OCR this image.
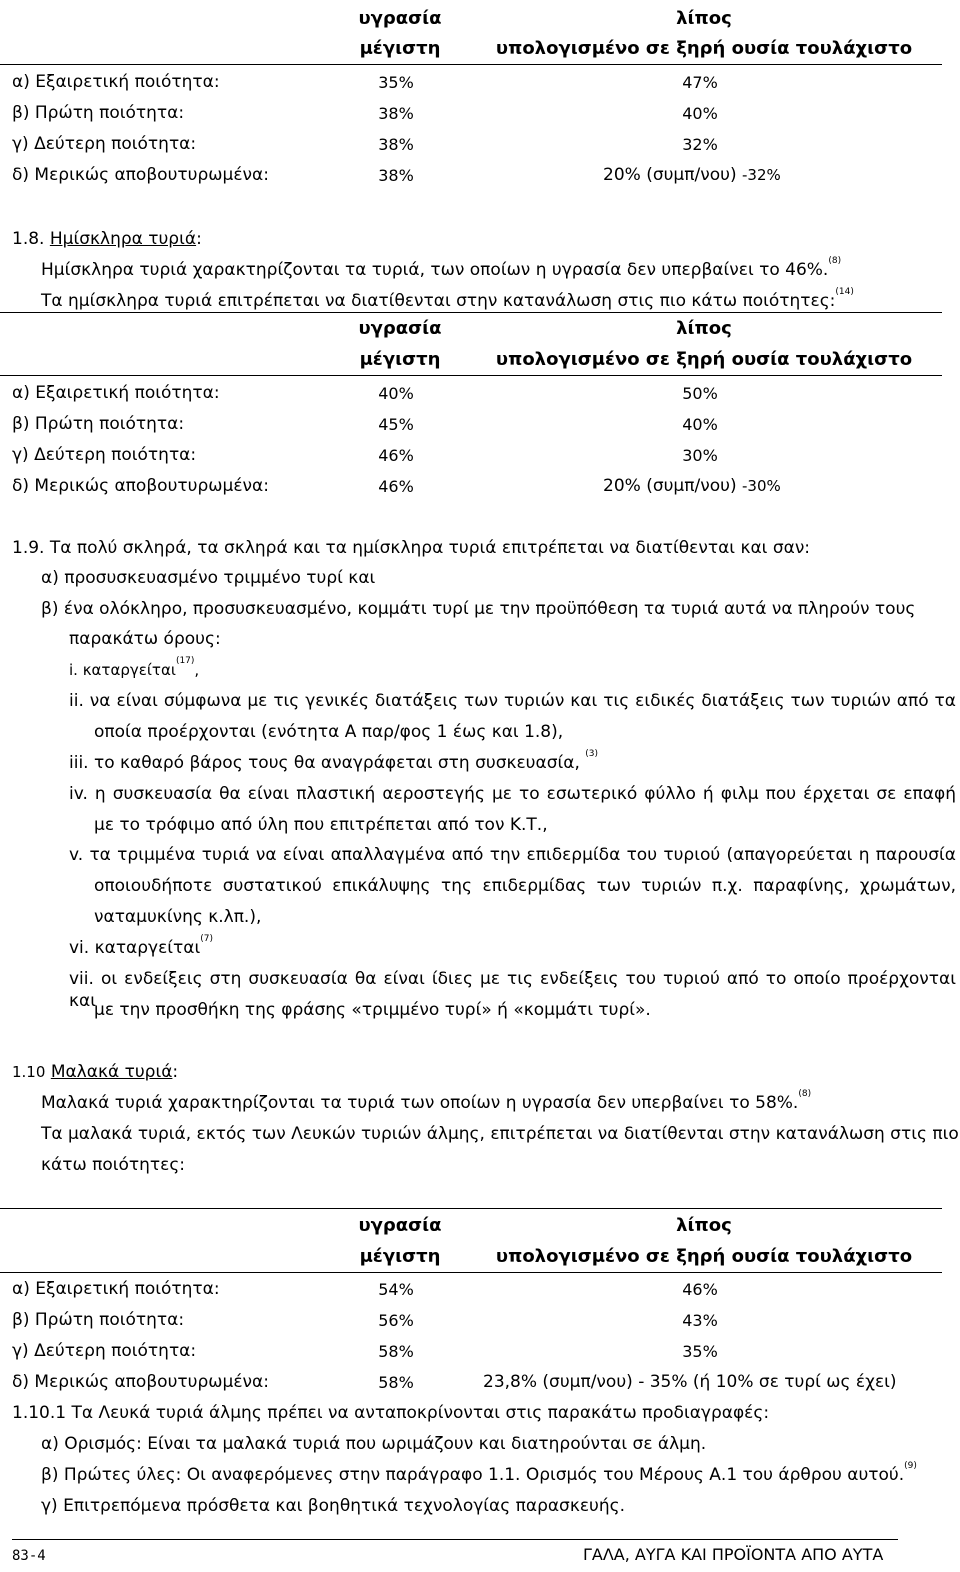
υγρασία
μέγιστη
λίπος
υπολογισμένο σε ξηρή ουσία τουλάχιστο
α) Εξαιρετική ποιότητα:	35%	47%
β) Πρώτη ποιότητα:	38%	40%
γ) Δεύτερη ποιότητα:	38%	32%
δ) Μερικώς αποβουτυρωμένα:	38%	20% (συμπ/νου) -32%
1.8. Ημίσκληρα τυριά:
Ημίσκληρα τυριά χαρακτηρίζονται τα τυριά, των οποίων η υγρασία δεν υπερβαίνει το 46%.$^{(8)}$
Τα ημίσκληρα τυριά επιτρέπεται να διατίθενται στην κατανάλωση στις πιο κάτω ποιότητες:$^{(14)}$
υγρασία
μέγιστη
λίπος
υπολογισμένο σε ξηρή ουσία τουλάχιστο
α) Εξαιρετική ποιότητα:	40%	50%
β) Πρώτη ποιότητα:	45%	40%
γ) Δεύτερη ποιότητα:	46%	30%
δ) Μερικώς αποβουτυρωμένα:	46%	20% (συμπ/νου) -30%
1.9. Τα πολύ σκληρά, τα σκληρά και τα ημίσκληρα τυριά επιτρέπεται να διατίθενται και σαν:
α) προσυσκευασμένο τριμμένο τυρί και
β) ένα ολόκληρο, προσυσκευασμένο, κομμάτι τυρί με την προϋπόθεση τα τυριά αυτά να πληρούν τους
παρακάτω όρους:
i. καταργείται$^{(17)}$,
ii. να είναι σύμφωνα με τις γενικές διατάξεις των τυριών και τις ειδικές διατάξεις των τυριών από τα
οποία προέρχονται (ενότητα Α παρ/φος 1 έως και 1.8),
iii. το καθαρό βάρος τους θα αναγράφεται στη συσκευασία, $^{(3)}$
iv. η συσκευασία θα είναι πλαστική αεροστεγής με το εσωτερικό φύλλο ή φιλμ που έρχεται σε επαφή
με το τρόφιμο από ύλη που επιτρέπεται από τον Κ.Τ.,
v. τα τριμμένα τυριά να είναι απαλλαγμένα από την επιδερμίδα του τυριού (απαγορεύεται η παρουσία
οποιουδήποτε συστατικού επικάλυψης της επιδερμίδας των τυριών π.χ. παραφίνης, χρωμάτων,
ναταμυκίνης κ.λπ.),
vi. καταργείται$^{(7)}$
vii. οι ενδείξεις στη συσκευασία θα είναι ίδιες με τις ενδείξεις του τυριού από το οποίο προέρχονται και
με την προσθήκη της φράσης «τριμμένο τυρί» ή «κομμάτι τυρί».
1.10 Μαλακά τυριά:
Μαλακά τυριά χαρακτηρίζονται τα τυριά των οποίων η υγρασία δεν υπερβαίνει το 58%.$^{(8)}$
Τα μαλακά τυριά, εκτός των Λευκών τυριών άλμης, επιτρέπεται να διατίθενται στην κατανάλωση στις πιο
κάτω ποιότητες:
υγρασία
μέγιστη
λίπος
υπολογισμένο σε ξηρή ουσία τουλάχιστο
α) Εξαιρετική ποιότητα:	54%	46%
β) Πρώτη ποιότητα:	56%	43%
γ) Δεύτερη ποιότητα:	58%	35%
δ) Μερικώς αποβουτυρωμένα:	58%	23,8% (συμπ/νου) - 35% (ή 10% σε τυρί ως έχει)
1.10.1 Τα Λευκά τυριά άλμης πρέπει να ανταποκρίνονται στις παρακάτω προδιαγραφές:
α) Ορισμός: Είναι τα μαλακά τυριά που ωριμάζουν και διατηρούνται σε άλμη.
β) Πρώτες ύλες: Οι αναφερόμενες στην παράγραφο 1.1. Ορισμός του Μέρους Α.1 του άρθρου αυτού.$^{(9)}$
γ) Επιτρεπόμενα πρόσθετα και βοηθητικά τεχνολογίας παρασκευής.
83-4	ΓΑΛΑ, ΑΥΓΑ ΚΑΙ ΠΡΟΪΟΝΤΑ ΑΠΟ ΑΥΤΑ
